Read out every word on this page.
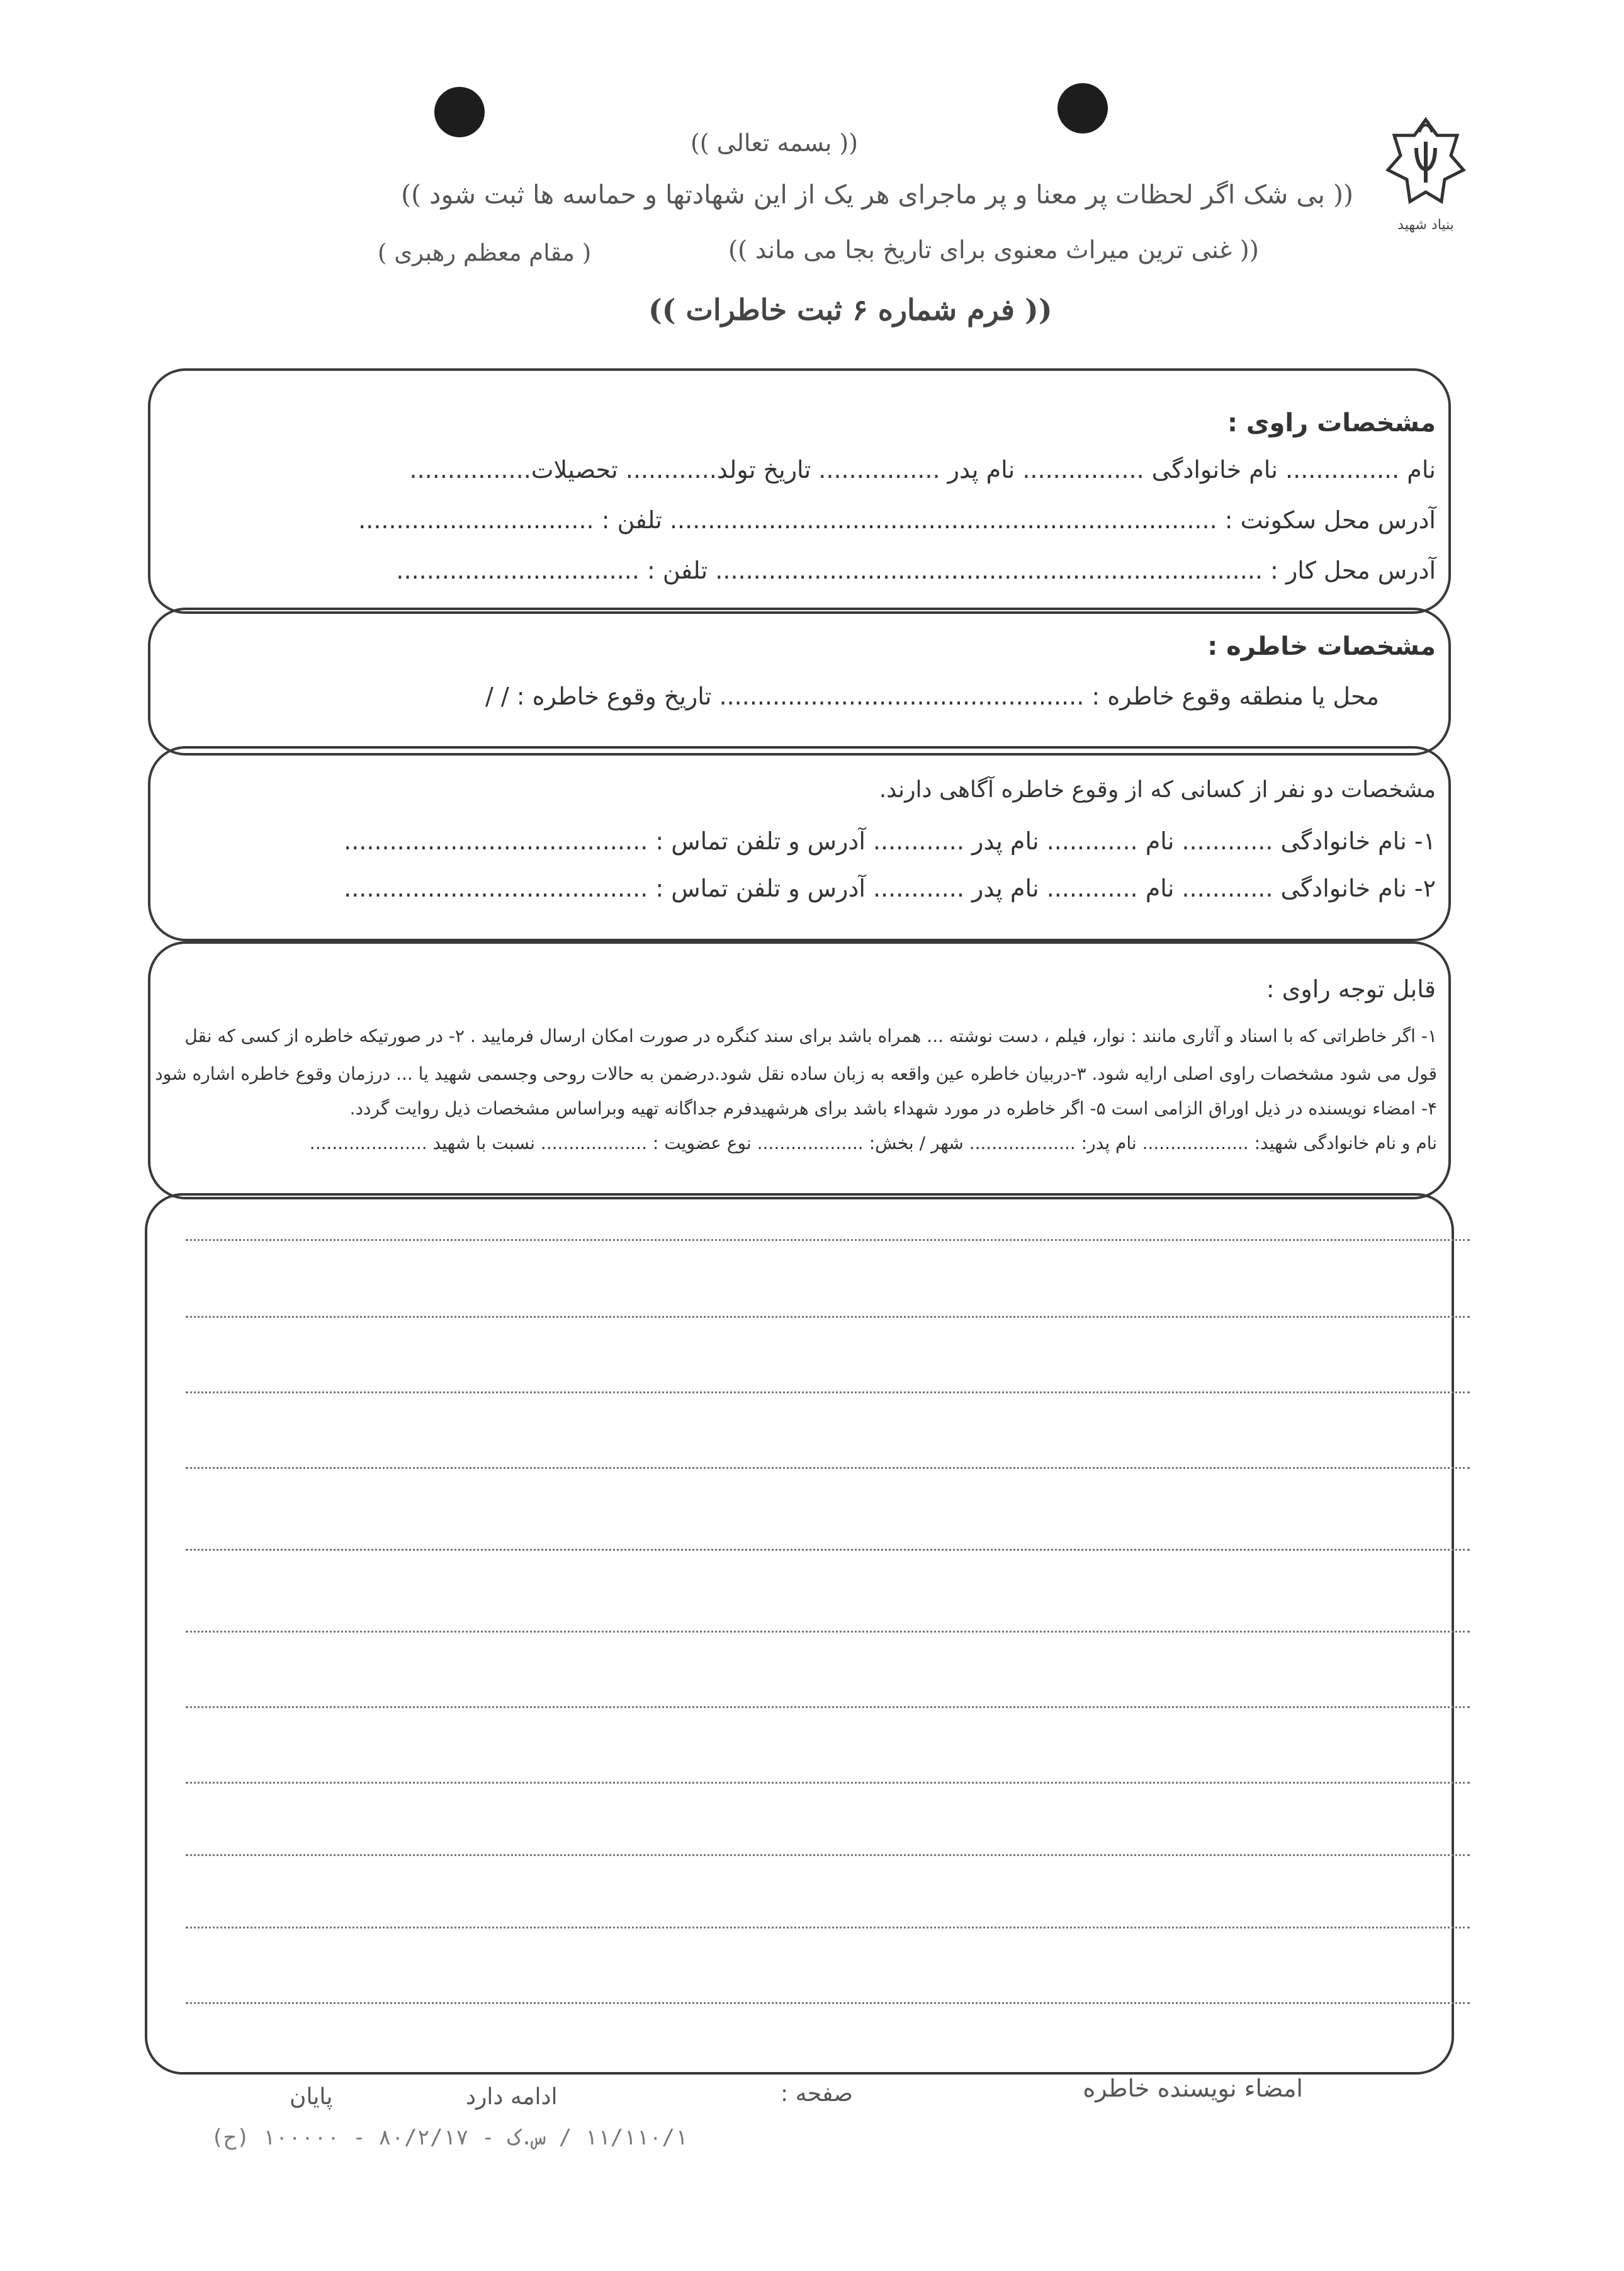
بنیاد شهید
(( بسمه تعالی ))
(( بی شک اگر لحظات پر معنا و پر ماجرای هر یک از این شهادتها و حماسه ها ثبت شود ))
(( غنی ترین میراث معنوی برای تاریخ بجا می ماند ))
( مقام معظم رهبری )
(( فرم شماره ۶ ثبت خاطرات ))
مشخصات راوی :
نام ............... نام خانوادگی ................ نام پدر ................ تاریخ تولد............ تحصیلات................
آدرس محل سکونت : ........................................................................ تلفن : ...............................
آدرس محل کار : ........................................................................ تلفن : ................................
مشخصات خاطره :
محل یا منطقه وقوع خاطره : ................................................ تاریخ وقوع خاطره : / /
مشخصات دو نفر از کسانی که از وقوع خاطره آگاهی دارند.
۱- نام خانوادگی ............ نام ............ نام پدر ............ آدرس و تلفن تماس : ........................................
۲- نام خانوادگی ............ نام ............ نام پدر ............ آدرس و تلفن تماس : ........................................
قابل توجه راوی :
۱- اگر خاطراتی که با اسناد و آثاری مانند : نوار، فیلم ، دست نوشته ... همراه باشد برای سند کنگره در صورت امکان ارسال فرمایید . ۲- در صورتیکه خاطره از کسی که نقل
قول می شود مشخصات راوی اصلی ارایه شود. ۳-دربیان خاطره عین واقعه به زبان ساده نقل شود.درضمن به حالات روحی وجسمی شهید یا ... درزمان وقوع خاطره اشاره شود
۴- امضاء نویسنده در ذیل اوراق الزامی است ۵- اگر خاطره در مورد شهداء باشد برای هرشهیدفرم جداگانه تهیه وبراساس مشخصات ذیل روایت گردد.
نام و نام خانوادگی شهید: ................... نام پدر: ................... شهر / بخش: ................... نوع عضویت : ................... نسبت با شهید .....................
امضاء نویسنده خاطره
صفحه :
ادامه دارد
پایان
۱۱/۱۱۰/۱ / س.ک - ۸۰/۲/۱۷ - ۱۰۰۰۰۰ (ح)
